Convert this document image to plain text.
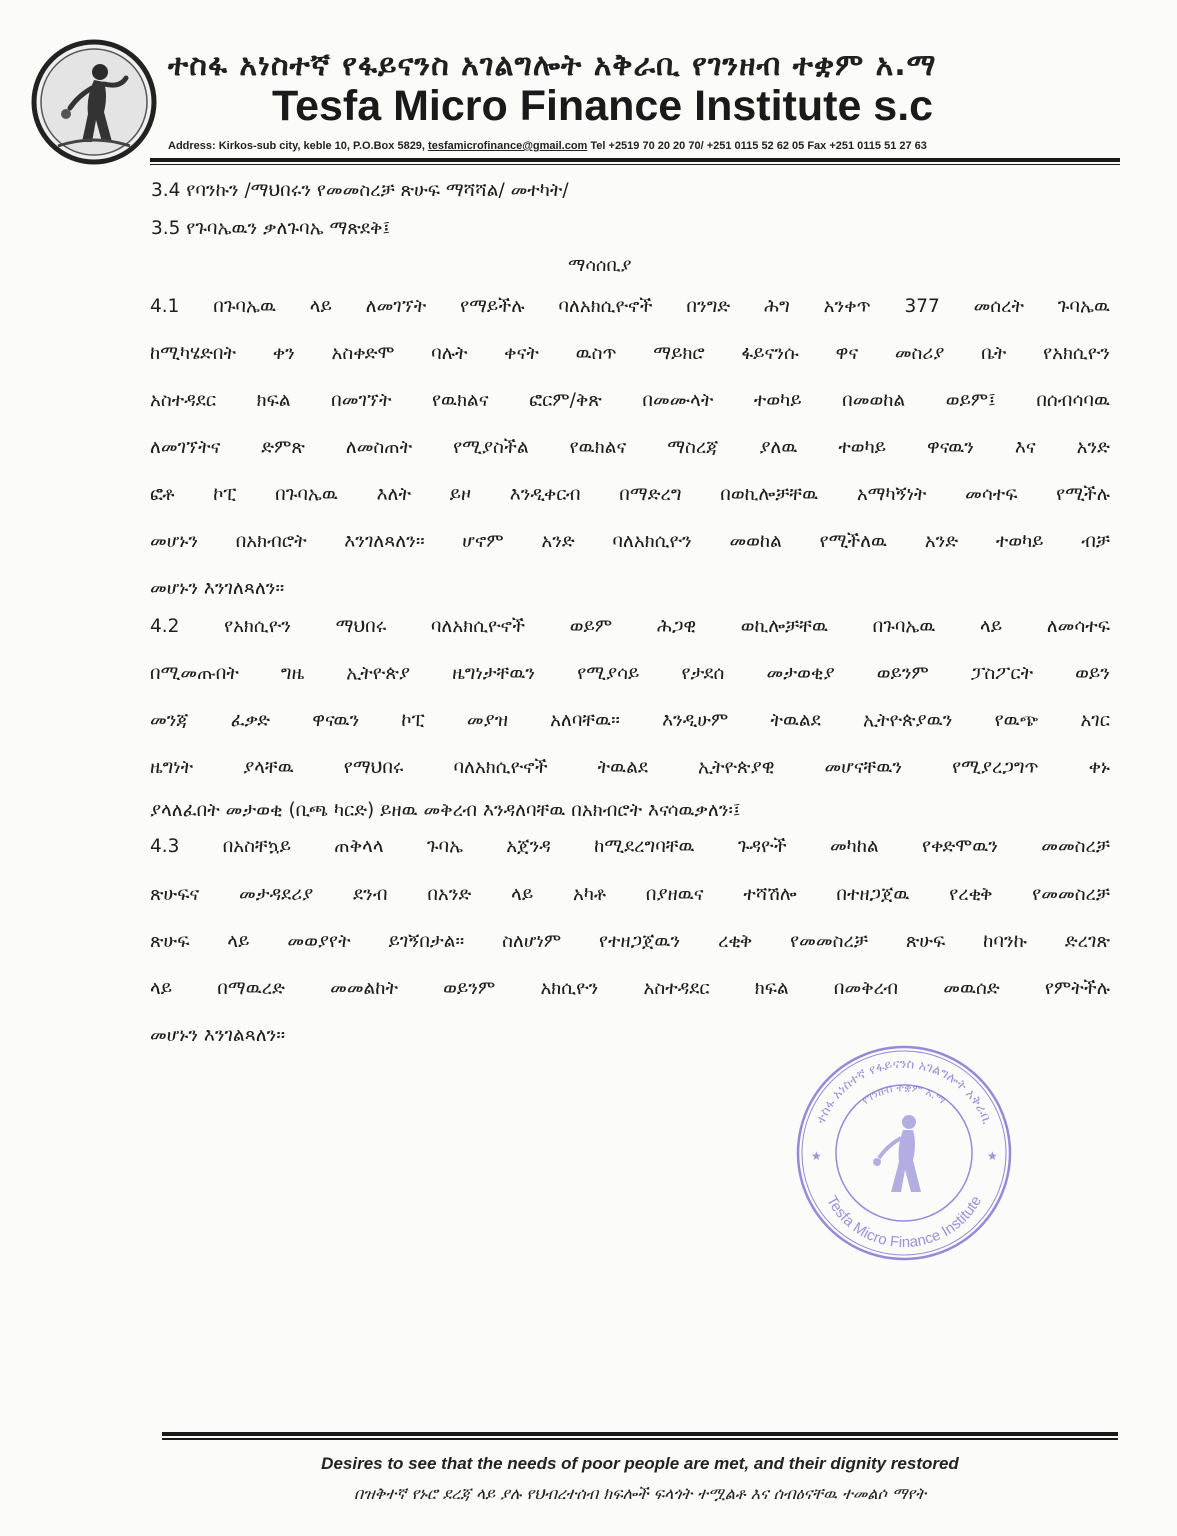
ተስፋ አነስተኛ የፋይናንስ አገልግሎት አቅራቢ የገንዘብ ተቋም አ.ማ
Tesfa Micro Finance Institute s.c
Address: Kirkos-sub city, keble 10, P.O.Box 5829, tesfamicrofinance@gmail.com Tel +2519 70 20 20 70/ +251 0115 52 62 05 Fax +251 0115 51 27 63
3.4 የባንኩን /ማህበሩን የመመስረቻ ጽሁፍ ማሻሻል/ መተካት/
3.5 የጉባኤዉን ቃለጉባኤ ማጽደቅ፤
ማሳሰቢያ
4.1 በጉባኤዉ ላይ ለመገኘት የማይችሉ ባለአክሲዮኖች በንግድ ሕግ አንቀጥ 377 መሰረት ጉባኤዉ
ከሚካሄድበት ቀን አስቀድሞ ባሉት ቀናት ዉስጥ ማይክሮ ፋይናንሱ ዋና መስሪያ ቤት የአክሲዮን
አስተዳደር ክፍል በመገኘት የዉክልና ፎርም/ቅጽ በመሙላት ተወካይ በመወከል ወይም፤ በሰብሳባዉ
ለመገኘትና ድምጽ ለመስጠት የሚያስችል የዉክልና ማስረጃ ያለዉ ተወካይ ዋናዉን እና አንድ
ፎቶ ኮፒ በጉባኤዉ እለት ይዞ እንዲቀርብ በማድረግ በወኪሎቻቸዉ አማካኝነት መሳተፍ የሚችሉ
መሆኑን በአክብሮት እንገለጻለን፡፡ ሆኖም አንድ ባለአክሲዮን መወከል የሚችለዉ አንድ ተወካይ ብቻ
መሆኑን እንገለጻለን፡፡
4.2 የአክሲዮን ማህበሩ ባለአክሲዮኖች ወይም ሕጋዊ ወኪሎቻቸዉ በጉባኤዉ ላይ ለመሳተፍ
በሚመጡበት ግዜ ኢትዮጵያ ዜግነታቸዉን የሚያሳይ የታደሰ መታወቂያ ወይንም ፓስፖርት ወይን
መንጃ ፈቃድ ዋናዉን ኮፒ መያዝ አለባቸዉ፡፡ እንዲሁም ትዉልደ ኢትዮጵያዉን የዉጭ አገር
ዜግነት ያላቸዉ የማህበሩ ባለአክሲዮኖች ትዉልደ ኢትዮጵያዊ መሆናቸዉን የሚያረጋግጥ ቀኑ
ያላለፈበት መታወቂ (ቢጫ ካርድ) ይዘዉ መቅረብ እንዳለባቸዉ በአክብሮት እናሳዉቃለን፡፤
4.3 በአስቸኳይ ጠቅላላ ጉባኤ አጀንዳ ከሚደረግባቸዉ ጉዳዮች መካከል የቀድሞዉን መመስረቻ
ጽሁፍና መታዳደሪያ ደንብ በአንድ ላይ አካቶ በያዘዉና ተሻሽሎ በተዘጋጀዉ የረቂቅ የመመስረቻ
ጽሁፍ ላይ መወያየት ይገኝበታል፡፡ ስለሆነም የተዘጋጀዉን ረቂቅ የመመስረቻ ጽሁፍ ከባንኩ ድረገጽ
ላይ በማዉረድ መመልከት ወይንም አክሲዮን አስተዳደር ክፍል በመቅረብ መዉሰድ የምትችሉ
መሆኑን እንገልጻለን፡፡
ተስፋ አነስተኛ የፋይናንስ አገልግሎት አቅራቢ
የገንዘብ ተቋም አ.ማ
Tesfa Micro Finance Institute
★	★
Desires to see that the needs of poor people are met, and their dignity restored
በዝቅተኛ የኑሮ ደረጃ ላይ ያሉ የህብረተሰብ ክፍሎች ፍላጎት ተሟልቶ እና ሰብዕናቸዉ ተመልሶ ማየት
